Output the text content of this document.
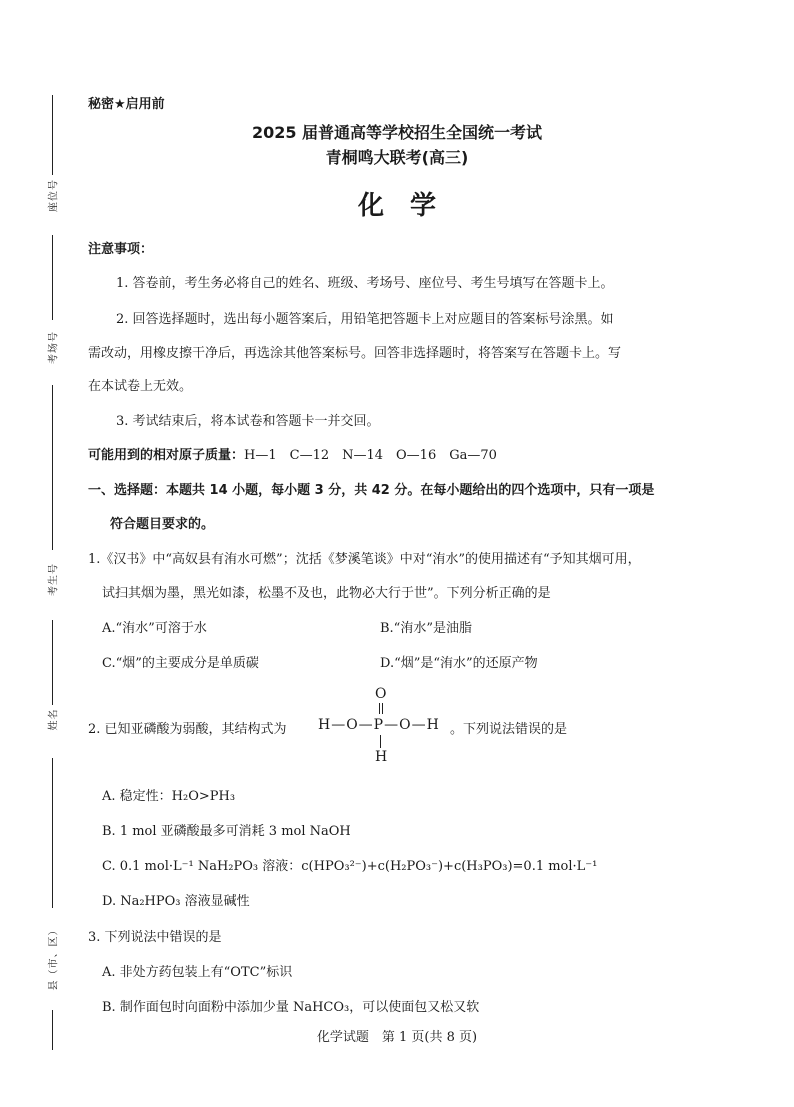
座位号
考场号
考生号
姓名
县（市、区）
秘密★启用前
2025 届普通高等学校招生全国统一考试
青桐鸣大联考(高三)
化　学
注意事项：
1. 答卷前，考生务必将自己的姓名、班级、考场号、座位号、考生号填写在答题卡上。
2. 回答选择题时，选出每小题答案后，用铅笔把答题卡上对应题目的答案标号涂黑。如
需改动，用橡皮擦干净后，再选涂其他答案标号。回答非选择题时，将答案写在答题卡上。写
在本试卷上无效。
3. 考试结束后，将本试卷和答题卡一并交回。
可能用到的相对原子质量：H—1　C—12　N—14　O—16　Ga—70
一、选择题：本题共 14 小题，每小题 3 分，共 42 分。在每小题给出的四个选项中，只有一项是
符合题目要求的。
1.《汉书》中“高奴县有洧水可燃”；沈括《梦溪笔谈》中对“洧水”的使用描述有“予知其烟可用，
试扫其烟为墨，黑光如漆，松墨不及也，此物必大行于世”。下列分析正确的是
A.“洧水”可溶于水	B.“洧水”是油脂
C.“烟”的主要成分是单质碳	D.“烟”是“洧水”的还原产物
2. 已知亚磷酸为弱酸，其结构式为
O
H—O—P—O—H
H
。下列说法错误的是
A. 稳定性：H₂O>PH₃
B. 1 mol 亚磷酸最多可消耗 3 mol NaOH
C. 0.1 mol·L⁻¹ NaH₂PO₃ 溶液：c(HPO₃²⁻)+c(H₂PO₃⁻)+c(H₃PO₃)=0.1 mol·L⁻¹
D. Na₂HPO₃ 溶液显碱性
3. 下列说法中错误的是
A. 非处方药包装上有“OTC”标识
B. 制作面包时向面粉中添加少量 NaHCO₃，可以使面包又松又软
化学试题　第 1 页(共 8 页)
